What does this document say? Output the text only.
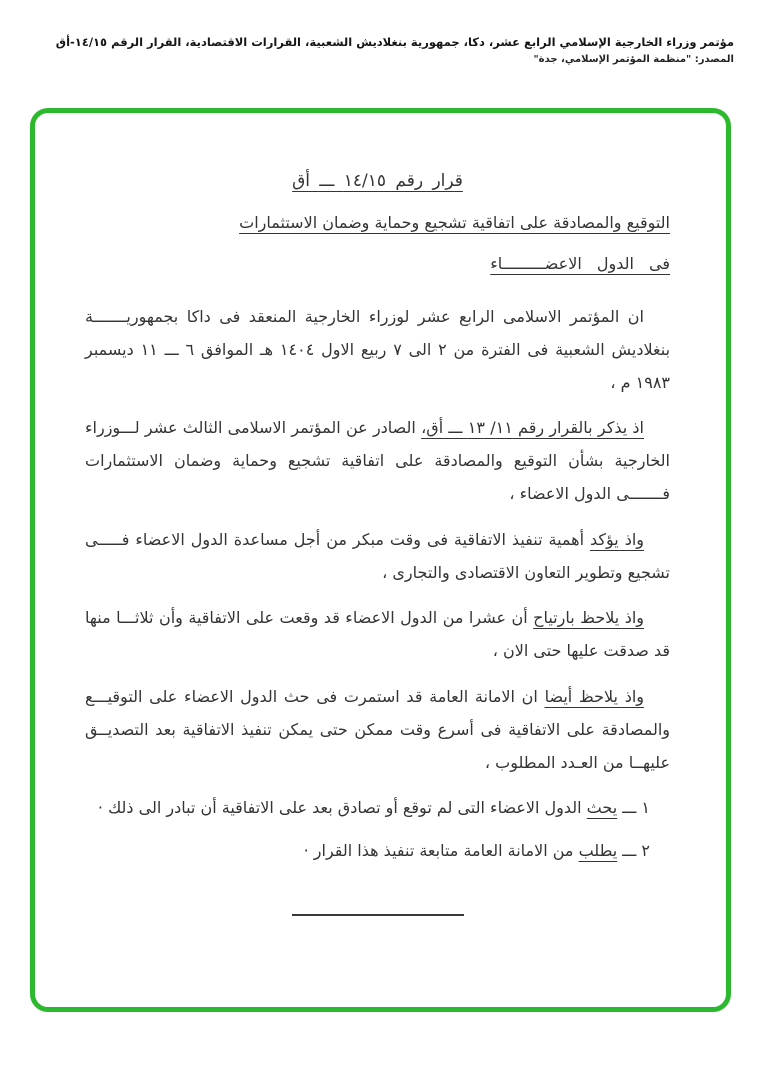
مؤتمر وزراء الخارجية الإسلامي الرابع عشر، دكا، جمهورية بنغلاديش الشعبية، القرارات الاقتصادية، القرار الرقم ١٤/١٥-أق
المصدر: "منظمة المؤتمر الإسلامي، جدة"
قرار رقم ١٤/١٥ ـــ أق
التوقيع والمصادقة على اتفاقية تشجيع وحماية وضمان الاستثمارات
فى الدول الاعضـــــــــاء

ان المؤتمر الاسلامى الرابع عشر لوزراء الخارجية المنعقد فى داكا بجمهوريـــــــة بنغلاديش الشعبية فى الفترة من ٢ الى ٧ ربيع الاول ١٤٠٤ هـ الموافق ٦ ـــ ١١ ديسمبر ١٩٨٣ م ،

اذ يذكر بالقرار رقم ١١/ ١٣ ـــ أق، الصادر عن المؤتمر الاسلامى الثالث عشر لـــوزراء الخارجية بشأن التوقيع والمصادقة على اتفاقية تشجيع وحماية وضمان الاستثمارات فـــــــى الدول الاعضاء ،

واذ يؤكد أهمية تنفيذ الاتفاقية فى وقت مبكر من أجل مساعدة الدول الاعضاء فـــــى تشجيع وتطوير التعاون الاقتصادى والتجارى ،

واذ يلاحظ بارتياح أن عشرا من الدول الاعضاء قد وقعت على الاتفاقية وأن ثلاثـــا منها قد صدقت عليها حتى الان ،

واذ يلاحظ أيضا ان الامانة العامة قد استمرت فى حث الدول الاعضاء على التوقيـــع والمصادقة على الاتفاقية فى أسرع وقت ممكن حتى يمكن تنفيذ الاتفاقية بعد التصديــق عليهــا من العـدد المطلوب ،

١ ـــ يحث الدول الاعضاء التى لم توقع أو تصادق بعد على الاتفاقية أن تبادر الى ذلك ·

٢ ـــ يطلب من الامانة العامة متابعة تنفيذ هذا القرار ·
